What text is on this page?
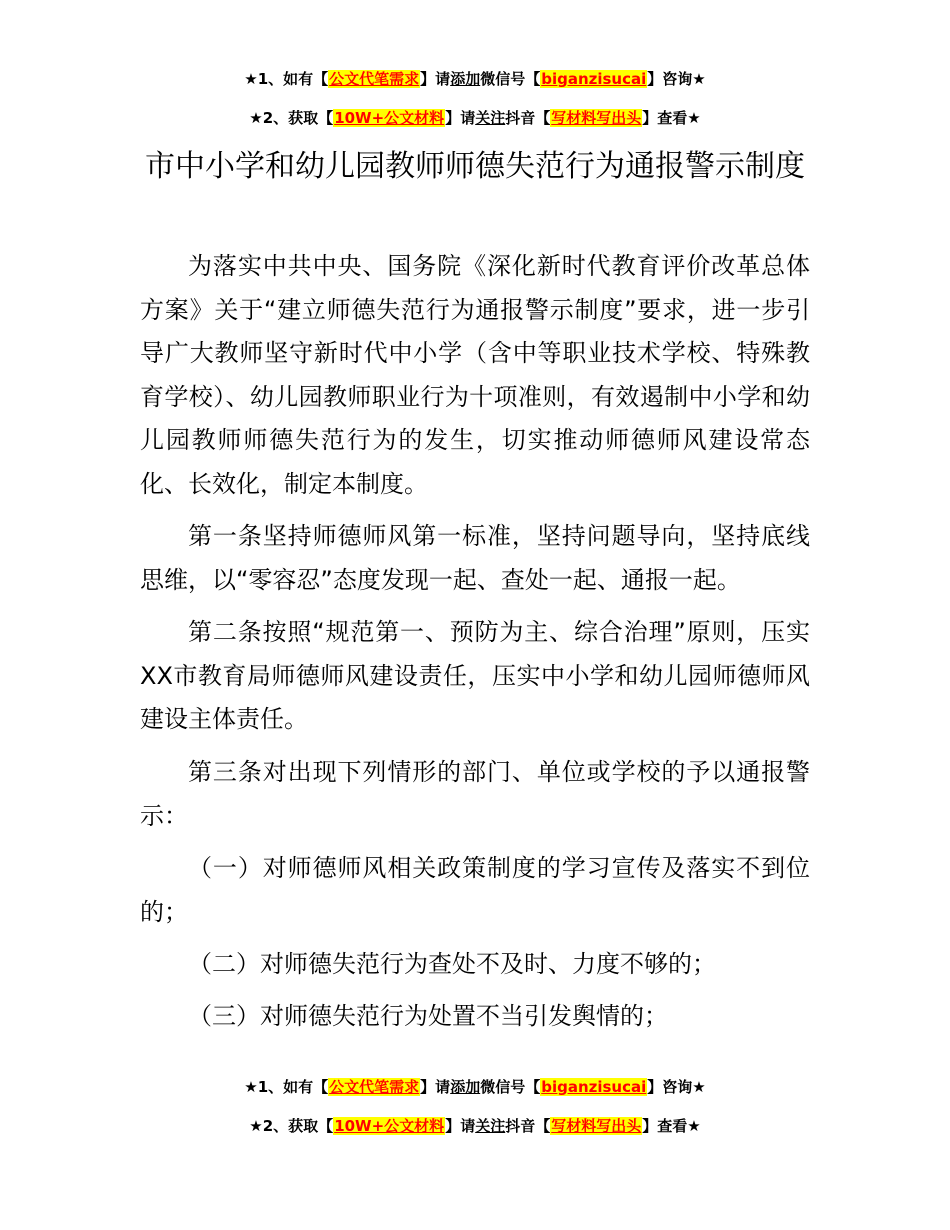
★1、如有【公文代笔需求】请添加微信号【biganzisucai】咨询★
★2、获取【10W+公文材料】请关注抖音【写材料写出头】查看★
市中小学和幼儿园教师师德失范行为通报警示制度

为落实中共中央、国务院《深化新时代教育评价改革总体方案》关于“建立师德失范行为通报警示制度”要求，进一步引导广大教师坚守新时代中小学（含中等职业技术学校、特殊教育学校）、幼儿园教师职业行为十项准则，有效遏制中小学和幼儿园教师师德失范行为的发生，切实推动师德师风建设常态化、长效化，制定本制度。

第一条坚持师德师风第一标准，坚持问题导向，坚持底线思维，以“零容忍”态度发现一起、查处一起、通报一起。

第二条按照“规范第一、预防为主、综合治理”原则，压实XX市教育局师德师风建设责任，压实中小学和幼儿园师德师风建设主体责任。

第三条对出现下列情形的部门、单位或学校的予以通报警示：

（一）对师德师风相关政策制度的学习宣传及落实不到位的；

（二）对师德失范行为查处不及时、力度不够的；

（三）对师德失范行为处置不当引发舆情的；

★1、如有【公文代笔需求】请添加微信号【biganzisucai】咨询★
★2、获取【10W+公文材料】请关注抖音【写材料写出头】查看★
